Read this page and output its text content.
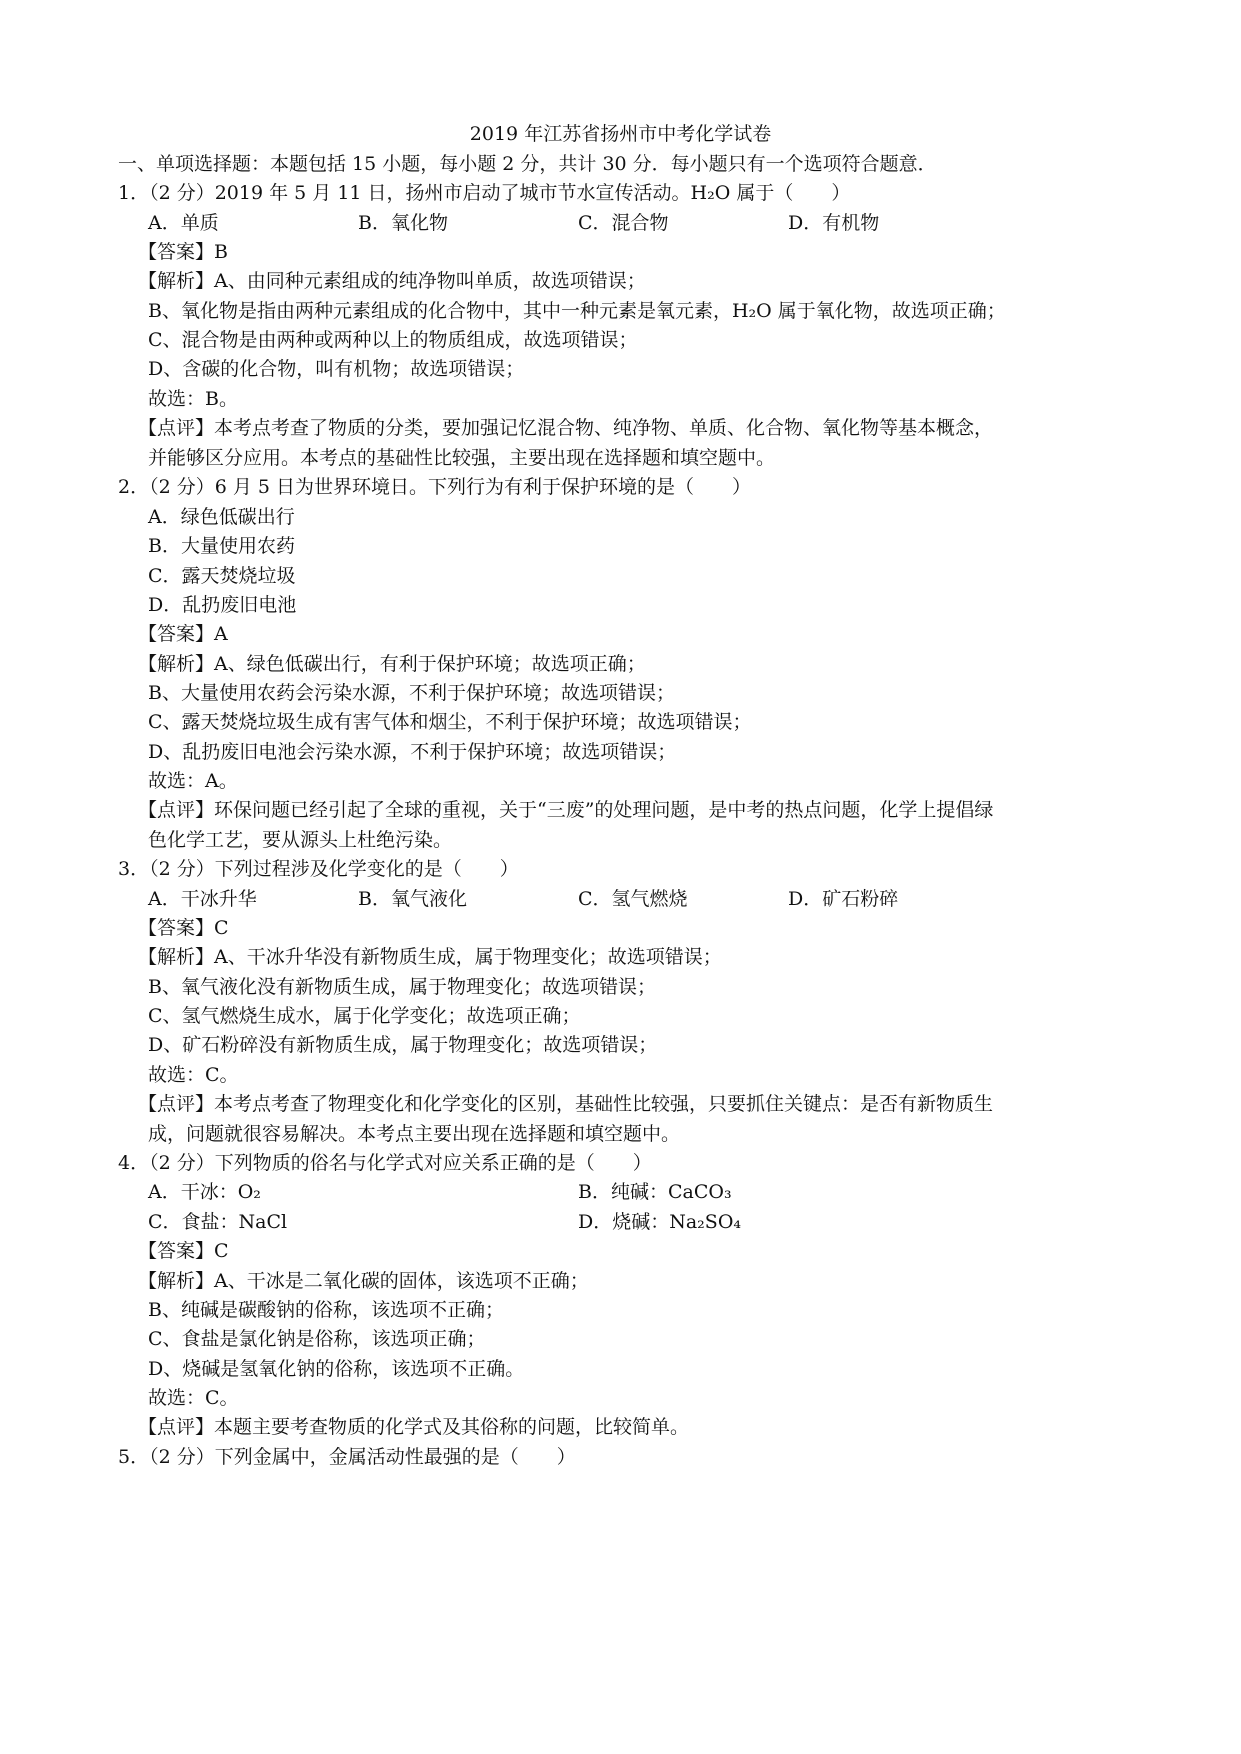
2019 年江苏省扬州市中考化学试卷
一、单项选择题：本题包括 15 小题，每小题 2 分，共计 30 分．每小题只有一个选项符合题意．
1．（2 分）2019 年 5 月 11 日，扬州市启动了城市节水宣传活动。H₂O 属于（　　）
A．单质	B．氧化物	C．混合物	D．有机物
【答案】B
【解析】A、由同种元素组成的纯净物叫单质，故选项错误；
B、氧化物是指由两种元素组成的化合物中，其中一种元素是氧元素，H₂O 属于氧化物，故选项正确；
C、混合物是由两种或两种以上的物质组成，故选项错误；
D、含碳的化合物，叫有机物；故选项错误；
故选：B。
【点评】本考点考查了物质的分类，要加强记忆混合物、纯净物、单质、化合物、氧化物等基本概念，
并能够区分应用。本考点的基础性比较强，主要出现在选择题和填空题中。
2．（2 分）6 月 5 日为世界环境日。下列行为有利于保护环境的是（　　）
A．绿色低碳出行
B．大量使用农药
C．露天焚烧垃圾
D．乱扔废旧电池
【答案】A
【解析】A、绿色低碳出行，有利于保护环境；故选项正确；
B、大量使用农药会污染水源，不利于保护环境；故选项错误；
C、露天焚烧垃圾生成有害气体和烟尘，不利于保护环境；故选项错误；
D、乱扔废旧电池会污染水源，不利于保护环境；故选项错误；
故选：A。
【点评】环保问题已经引起了全球的重视，关于“三废”的处理问题，是中考的热点问题，化学上提倡绿
色化学工艺，要从源头上杜绝污染。
3．（2 分）下列过程涉及化学变化的是（　　）
A．干冰升华	B．氧气液化	C．氢气燃烧	D．矿石粉碎
【答案】C
【解析】A、干冰升华没有新物质生成，属于物理变化；故选项错误；
B、氧气液化没有新物质生成，属于物理变化；故选项错误；
C、氢气燃烧生成水，属于化学变化；故选项正确；
D、矿石粉碎没有新物质生成，属于物理变化；故选项错误；
故选：C。
【点评】本考点考查了物理变化和化学变化的区别，基础性比较强，只要抓住关键点：是否有新物质生
成，问题就很容易解决。本考点主要出现在选择题和填空题中。
4．（2 分）下列物质的俗名与化学式对应关系正确的是（　　）
A．干冰：O₂	B．纯碱：CaCO₃
C．食盐：NaCl	D．烧碱：Na₂SO₄
【答案】C
【解析】A、干冰是二氧化碳的固体，该选项不正确；
B、纯碱是碳酸钠的俗称，该选项不正确；
C、食盐是氯化钠是俗称，该选项正确；
D、烧碱是氢氧化钠的俗称，该选项不正确。
故选：C。
【点评】本题主要考查物质的化学式及其俗称的问题，比较简单。
5．（2 分）下列金属中，金属活动性最强的是（　　）
